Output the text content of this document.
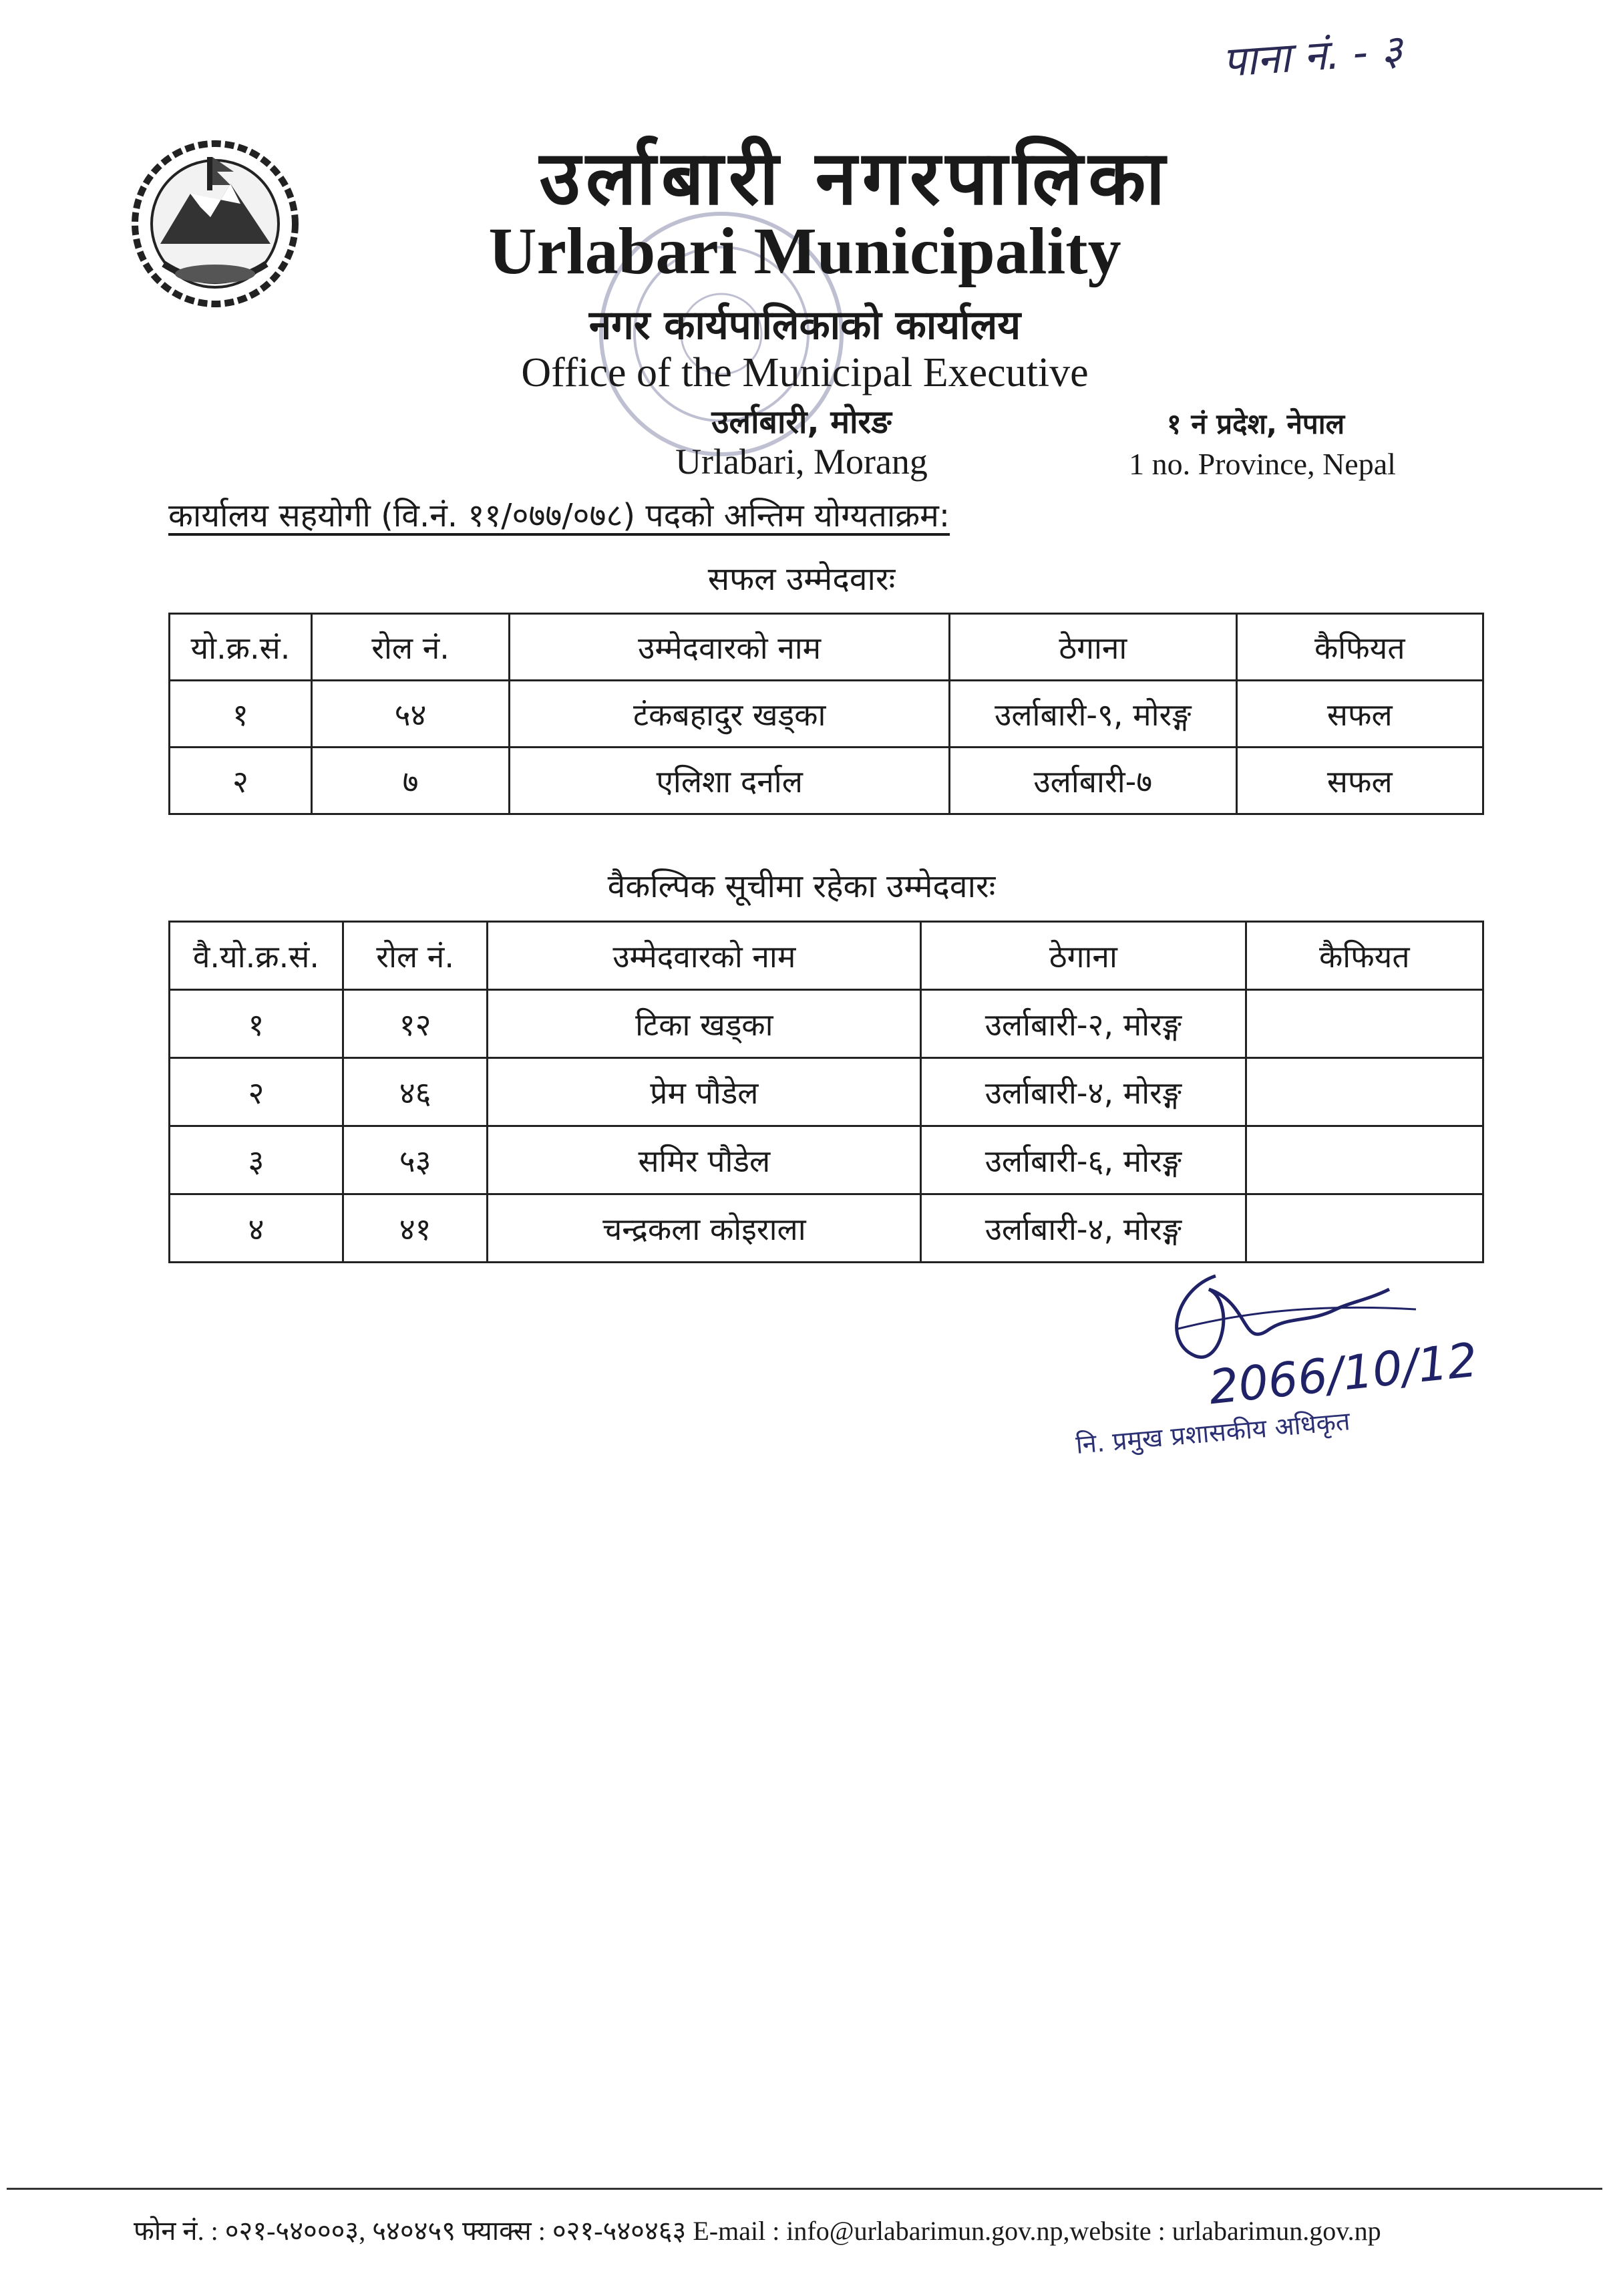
पाना नं. - ३
उर्लाबारी नगरपालिका
Urlabari Municipality
नगर कार्यपालिकाको कार्यालय
Office of the Municipal Executive
उर्लाबारी, मोरङ
Urlabari, Morang
१ नं प्रदेश, नेपाल
1 no. Province, Nepal
कार्यालय सहयोगी (वि.नं. ११/०७७/०७८) पदको अन्तिम योग्यताक्रम:
सफल उम्मेदवारः
यो.क्र.सं.	रोल नं.	उम्मेदवारको नाम	ठेगाना	कैफियत
१	५४	टंकबहादुर खड्का	उर्लाबारी-९, मोरङ्ग	सफल
२	७	एलिशा दर्नाल	उर्लाबारी-७	सफल
वैकल्पिक सूचीमा रहेका उम्मेदवारः
वै.यो.क्र.सं.	रोल नं.	उम्मेदवारको नाम	ठेगाना	कैफियत
१	१२	टिका खड्का	उर्लाबारी-२, मोरङ्ग	
२	४६	प्रेम पौडेल	उर्लाबारी-४, मोरङ्ग	
३	५३	समिर पौडेल	उर्लाबारी-६, मोरङ्ग	
४	४१	चन्द्रकला कोइराला	उर्लाबारी-४, मोरङ्ग	
2066/10/12
नि. प्रमुख प्रशासकीय अधिकृत
फोन नं. : ०२१-५४०००३, ५४०४५९ फ्याक्स : ०२१-५४०४६३ E-mail : info@urlabarimun.gov.np,website : urlabarimun.gov.np
